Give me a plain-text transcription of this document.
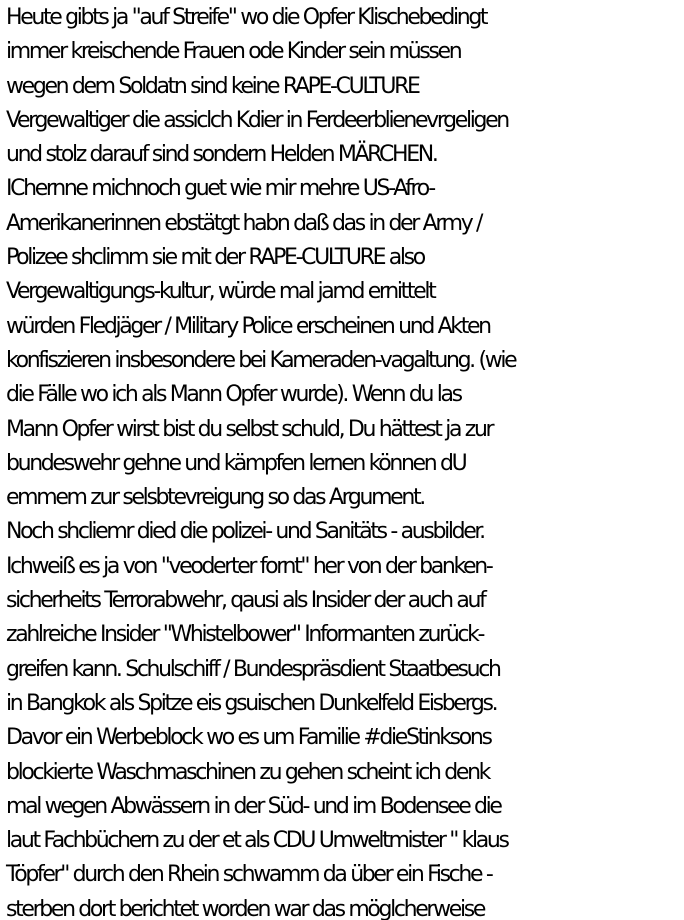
Heute gibts ja "auf Streife" wo die Opfer Klischebedingt
immer kreischende Frauen ode Kinder sein müssen
wegen dem Soldatn sind keine RAPE-CULTURE
Vergewaltiger die assiclch Kdier in Ferdeerblienevrgeligen
und stolz darauf sind sondern Helden MÄRCHEN.
IChernne michnoch guet wie mir mehre US-Afro-
Amerikanerinnen ebstätgt habn daß das in der Army /
Polizee shclimm sie mit der RAPE-CULTURE also
Vergewaltigungs-kultur, würde mal jamd ernittelt
würden Fledjäger / Military Police erscheinen und Akten
konfiszieren insbesondere bei Kameraden-vagaltung. (wie
die Fälle wo ich als Mann Opfer wurde). Wenn du las
Mann Opfer wirst bist du selbst schuld, Du hättest ja zur
bundeswehr gehne und kämpfen lernen können dU
emmem zur selsbtevreigung so das Argument.
Noch shcliemr died die polizei- und Sanitäts - ausbilder.
Ichweiß es ja von "veoderter fornt" her von der banken-
sicherheits Terrorabwehr, qausi als Insider der auch auf
zahlreiche Insider "Whistelbower" Informanten zurück-
greifen kann. Schulschiff / Bundespräsdient Staatbesuch
in Bangkok als Spitze eis gsuischen Dunkelfeld Eisbergs.
Davor ein Werbeblock wo es um Familie #dieStinksons
blockierte Waschmaschinen zu gehen scheint ich denk
mal wegen Abwässern in der Süd- und im Bodensee die
laut Fachbüchern zu der et als CDU Umweltmister " klaus
Töpfer" durch den Rhein schwamm da über ein Fische -
sterben dort berichtet worden war das möglcherweise
